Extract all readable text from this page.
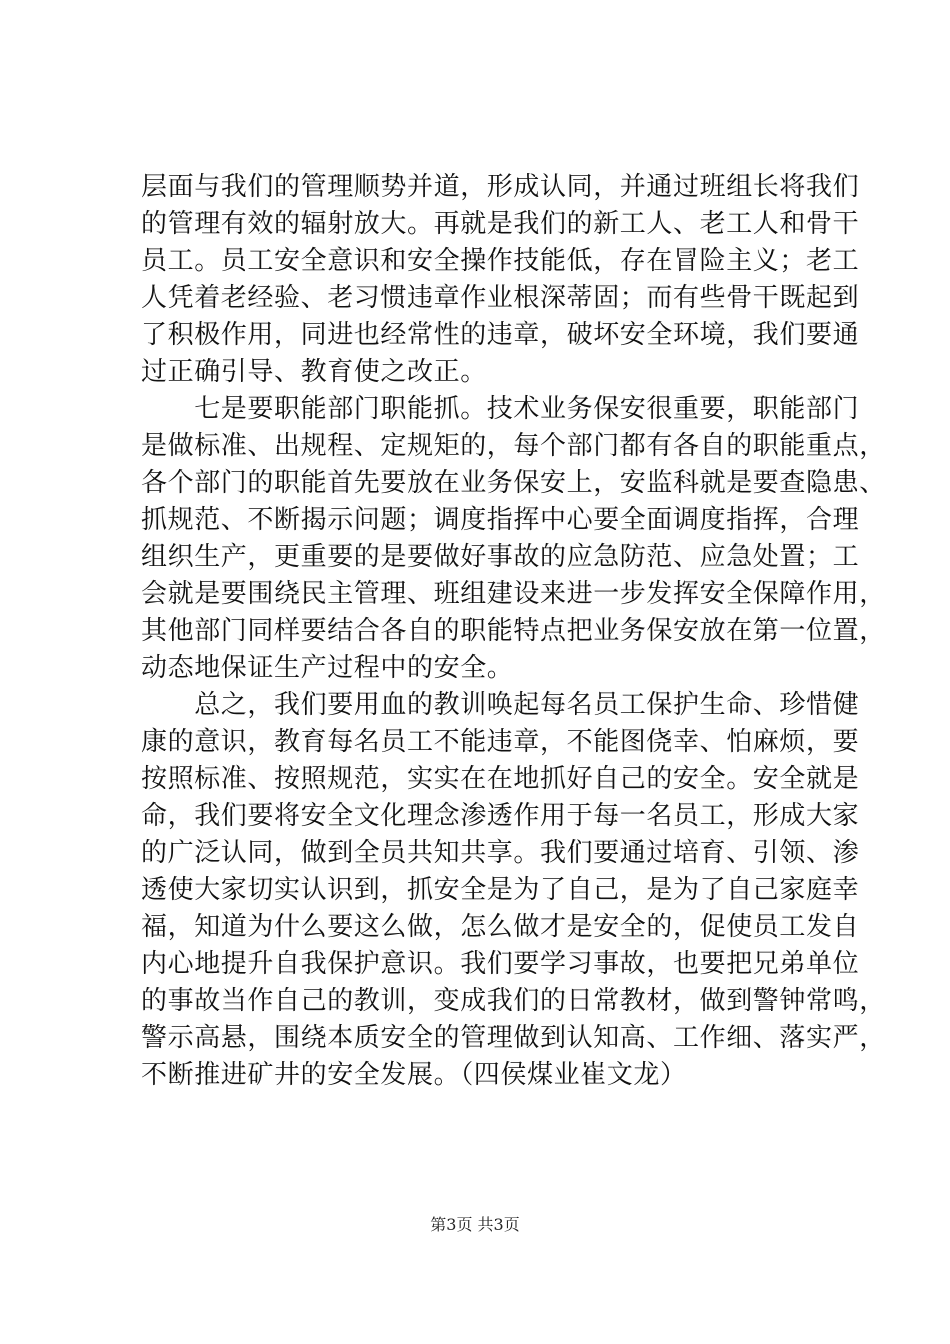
层面与我们的管理顺势并道，形成认同，并通过班组长将我们
的管理有效的辐射放大。再就是我们的新工人、老工人和骨干
员工。员工安全意识和安全操作技能低，存在冒险主义；老工
人凭着老经验、老习惯违章作业根深蒂固；而有些骨干既起到
了积极作用，同进也经常性的违章，破坏安全环境，我们要通
过正确引导、教育使之改正。
　　七是要职能部门职能抓。技术业务保安很重要，职能部门
是做标准、出规程、定规矩的，每个部门都有各自的职能重点，
各个部门的职能首先要放在业务保安上，安监科就是要查隐患、
抓规范、不断揭示问题；调度指挥中心要全面调度指挥，合理
组织生产，更重要的是要做好事故的应急防范、应急处置；工
会就是要围绕民主管理、班组建设来进一步发挥安全保障作用，
其他部门同样要结合各自的职能特点把业务保安放在第一位置，
动态地保证生产过程中的安全。
　　总之，我们要用血的教训唤起每名员工保护生命、珍惜健
康的意识，教育每名员工不能违章，不能图侥幸、怕麻烦，要
按照标准、按照规范，实实在在地抓好自己的安全。安全就是
命，我们要将安全文化理念渗透作用于每一名员工，形成大家
的广泛认同，做到全员共知共享。我们要通过培育、引领、渗
透使大家切实认识到，抓安全是为了自己，是为了自己家庭幸
福，知道为什么要这么做，怎么做才是安全的，促使员工发自
内心地提升自我保护意识。我们要学习事故，也要把兄弟单位
的事故当作自己的教训，变成我们的日常教材，做到警钟常鸣，
警示高悬，围绕本质安全的管理做到认知高、工作细、落实严，
不断推进矿井的安全发展。（四侯煤业崔文龙）
第3页 共3页
